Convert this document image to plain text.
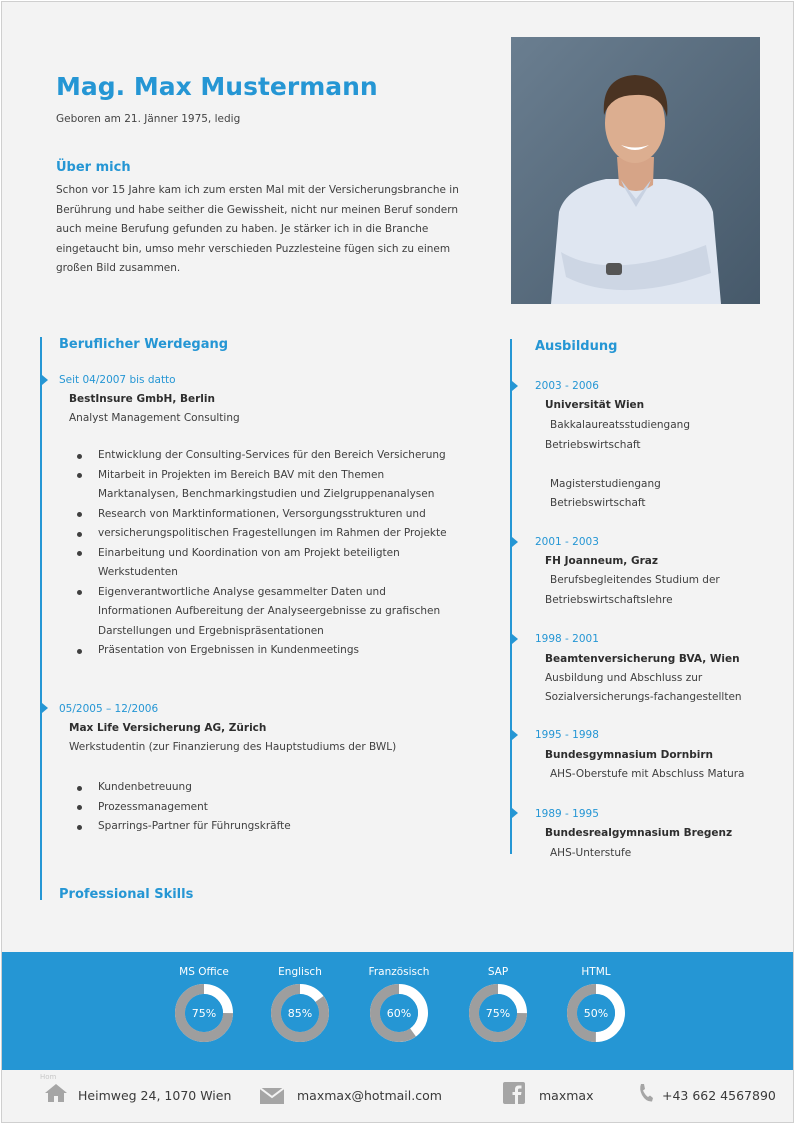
Mag. Max Mustermann
Geboren am 21. Jänner 1975, ledig
Über mich
Schon vor 15 Jahre kam ich zum ersten Mal mit der Versicherungsbranche in Berührung und habe seither die Gewissheit, nicht nur meinen Beruf sondern auch meine Berufung gefunden zu haben. Je stärker ich in die Branche eingetaucht bin, umso mehr verschieden Puzzlesteine fügen sich zu einem großen Bild zusammen.
Beruflicher Werdegang
Seit 04/2007 bis datto
BestInsure GmbH, Berlin
Analyst Management Consulting
Entwicklung der Consulting-Services für den Bereich Versicherung
Mitarbeit in Projekten im Bereich BAV mit den Themen
Marktanalysen, Benchmarkingstudien und Zielgruppenanalysen
Research von Marktinformationen, Versorgungsstrukturen und
versicherungspolitischen Fragestellungen im Rahmen der Projekte
Einarbeitung und Koordination von am Projekt beteiligten
Werkstudenten
Eigenverantwortliche Analyse gesammelter Daten und
Informationen Aufbereitung der Analyseergebnisse zu grafischen
Darstellungen und Ergebnispräsentationen
Präsentation von Ergebnissen in Kundenmeetings
05/2005 – 12/2006
Max Life Versicherung AG, Zürich
Werkstudentin (zur Finanzierung des Hauptstudiums der BWL)
Kundenbetreuung
Prozessmanagement
Sparrings-Partner für Führungskräfte
Professional Skills
Ausbildung
2003 - 2006
Universität Wien
Bakkalaureatsstudiengang
Betriebswirtschaft
Magisterstudiengang
Betriebswirtschaft
2001 - 2003
FH Joanneum, Graz
Berufsbegleitendes Studium der
Betriebswirtschaftslehre
1998 - 2001
Beamtenversicherung BVA, Wien
Ausbildung und Abschluss zur
Sozialversicherungs-fachangestellten
1995 - 1998
Bundesgymnasium Dornbirn
AHS-Oberstufe mit Abschluss Matura
1989 - 1995
Bundesrealgymnasium Bregenz
AHS-Unterstufe
MS Office
75%
Englisch
85%
Französisch
60%
SAP
75%
HTML
50%
Hom
Heimweg 24, 1070 Wien	maxmax@hotmail.com	maxmax	+43 662 4567890
